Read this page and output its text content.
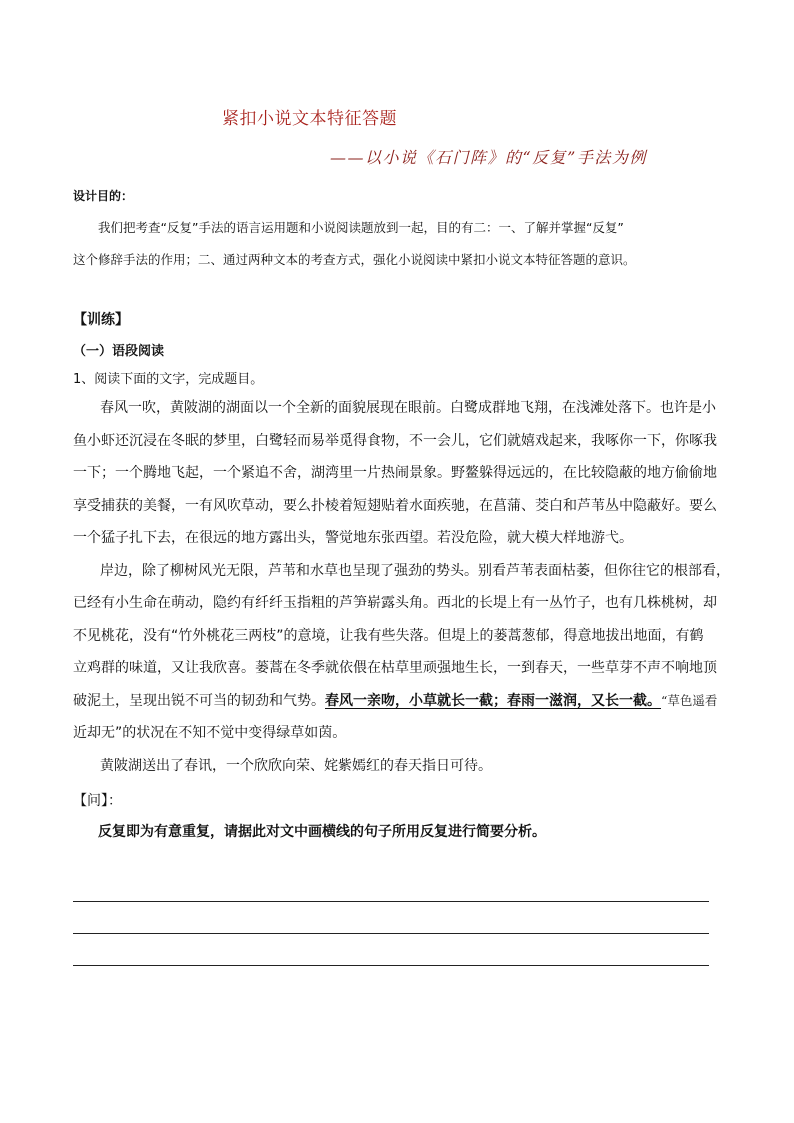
紧扣小说文本特征答题
——以小说《石门阵》的“反复”手法为例
设计目的：
我们把考查“反复”手法的语言运用题和小说阅读题放到一起，目的有二：一、了解并掌握“反复”
这个修辞手法的作用；二、通过两种文本的考查方式，强化小说阅读中紧扣小说文本特征答题的意识。
【训练】
（一）语段阅读
1、阅读下面的文字，完成题目。
春风一吹，黄陂湖的湖面以一个全新的面貌展现在眼前。白鹭成群地飞翔，在浅滩处落下。也许是小
鱼小虾还沉浸在冬眠的梦里，白鹭轻而易举觅得食物，不一会儿，它们就嬉戏起来，我啄你一下，你啄我
一下；一个腾地飞起，一个紧追不舍，湖湾里一片热闹景象。野鳌躲得远远的，在比较隐蔽的地方偷偷地
享受捕获的美餐，一有风吹草动，要么扑棱着短翅贴着水面疾驰，在菖蒲、茭白和芦苇丛中隐蔽好。要么
一个猛子扎下去，在很远的地方露出头，警觉地东张西望。若没危险，就大模大样地游弋。
岸边，除了柳树风光无限，芦苇和水草也呈现了强劲的势头。别看芦苇表面枯萎，但你往它的根部看，
已经有小生命在萌动，隐约有纤纤玉指粗的芦笋崭露头角。西北的长堤上有一丛竹子，也有几株桃树，却
不见桃花，没有“竹外桃花三两枝”的意境，让我有些失落。但堤上的蒌蒿葱郁，得意地拔出地面，有鹤
立鸡群的味道，又让我欣喜。蒌蒿在冬季就依偎在枯草里顽强地生长，一到春天，一些草芽不声不响地顶
破泥土，呈现出锐不可当的韧劲和气势。春风一亲吻，小草就长一截；春雨一滋润，又长一截。“草色遥看
近却无”的状况在不知不觉中变得绿草如茵。
黄陂湖送出了春讯，一个欣欣向荣、姹紫嫣红的春天指日可待。
【问】：
反复即为有意重复，请据此对文中画横线的句子所用反复进行简要分析。
